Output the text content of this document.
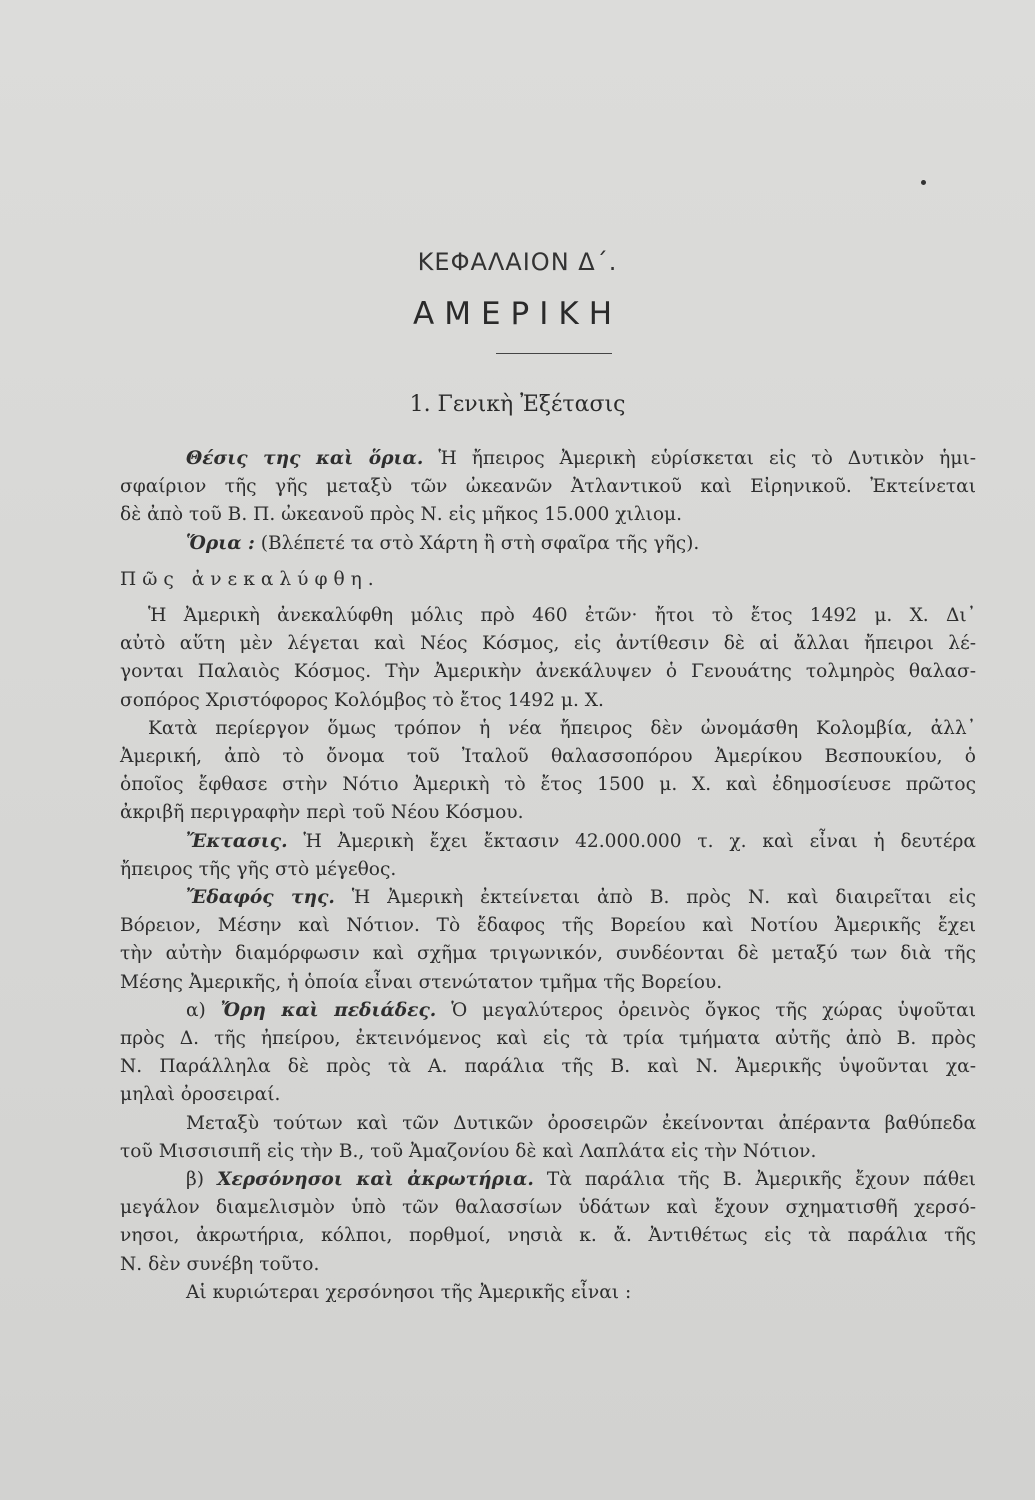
ΚΕΦΑΛΑΙΟΝ Δ΄.
ΑΜΕΡΙΚΗ
1. Γενικὴ Ἐξέτασις

Θέσις της καὶ ὅρια. Ἡ ἤπειρος Ἀμερικὴ εὑρίσκεται εἰς τὸ Δυτικὸν ἡμι-

σφαίριον τῆς γῆς μεταξὺ τῶν ὠκεανῶν Ἀτλαντικοῦ καὶ Εἰρηνικοῦ. Ἐκτείνεται

δὲ ἀπὸ τοῦ Β. Π. ὠκεανοῦ πρὸς Ν. εἰς μῆκος 15.000 χιλιομ.

Ὅρια : (Βλέπετέ τα στὸ Χάρτη ἢ στὴ σφαῖρα τῆς γῆς).

Πῶς ἀνεκαλύφθη.

Ἡ Ἀμερικὴ ἀνεκαλύφθη μόλις πρὸ 460 ἐτῶν· ἤτοι τὸ ἔτος 1492 μ. Χ. Δι᾿

αὐτὸ αὕτη μὲν λέγεται καὶ Νέος Κόσμος, εἰς ἀντίθεσιν δὲ αἱ ἄλλαι ἤπειροι λέ-

γονται Παλαιὸς Κόσμος. Τὴν Ἀμερικὴν ἀνεκάλυψεν ὁ Γενουάτης τολμηρὸς θαλασ-

σοπόρος Χριστόφορος Κολόμβος τὸ ἔτος 1492 μ. Χ.

Κατὰ περίεργον ὅμως τρόπον ἡ νέα ἤπειρος δὲν ὠνομάσθη Κολομβία, ἀλλ᾿

Ἀμερική, ἀπὸ τὸ ὄνομα τοῦ Ἰταλοῦ θαλασσοπόρου Ἀμερίκου Βεσπουκίου, ὁ

ὁποῖος ἔφθασε στὴν Νότιο Ἀμερικὴ τὸ ἔτος 1500 μ. Χ. καὶ ἐδημοσίευσε πρῶτος

ἀκριβῆ περιγραφὴν περὶ τοῦ Νέου Κόσμου.

Ἔκτασις. Ἡ Ἀμερικὴ ἔχει ἔκτασιν 42.000.000 τ. χ. καὶ εἶναι ἡ δευτέρα

ἤπειρος τῆς γῆς στὸ μέγεθος.

Ἔδαφός της. Ἡ Ἀμερικὴ ἐκτείνεται ἀπὸ Β. πρὸς Ν. καὶ διαιρεῖται εἰς

Βόρειον, Μέσην καὶ Νότιον. Τὸ ἔδαφος τῆς Βορείου καὶ Νοτίου Ἀμερικῆς ἔχει

τὴν αὐτὴν διαμόρφωσιν καὶ σχῆμα τριγωνικόν, συνδέονται δὲ μεταξύ των διὰ τῆς

Μέσης Ἀμερικῆς, ἡ ὁποία εἶναι στενώτατον τμῆμα τῆς Βορείου.

α) Ὄρη καὶ πεδιάδες. Ὁ μεγαλύτερος ὀρεινὸς ὄγκος τῆς χώρας ὑψοῦται

πρὸς Δ. τῆς ἠπείρου, ἐκτεινόμενος καὶ εἰς τὰ τρία τμήματα αὐτῆς ἀπὸ Β. πρὸς

Ν. Παράλληλα δὲ πρὸς τὰ Α. παράλια τῆς Β. καὶ Ν. Ἀμερικῆς ὑψοῦνται χα-

μηλαὶ ὀροσειραί.

Μεταξὺ τούτων καὶ τῶν Δυτικῶν ὀροσειρῶν ἐκείνονται ἀπέραντα βαθύπεδα

τοῦ Μισσισιπῆ εἰς τὴν Β., τοῦ Ἀμαζονίου δὲ καὶ Λαπλάτα εἰς τὴν Νότιον.

β) Χερσόνησοι καὶ ἀκρωτήρια. Τὰ παράλια τῆς Β. Ἀμερικῆς ἔχουν πάθει

μεγάλον διαμελισμὸν ὑπὸ τῶν θαλασσίων ὑδάτων καὶ ἔχουν σχηματισθῆ χερσό-

νησοι, ἀκρωτήρια, κόλποι, πορθμοί, νησιὰ κ. ἄ. Ἀντιθέτως εἰς τὰ παράλια τῆς

Ν. δὲν συνέβη τοῦτο.

Αἱ κυριώτεραι χερσόνησοι τῆς Ἀμερικῆς εἶναι :
